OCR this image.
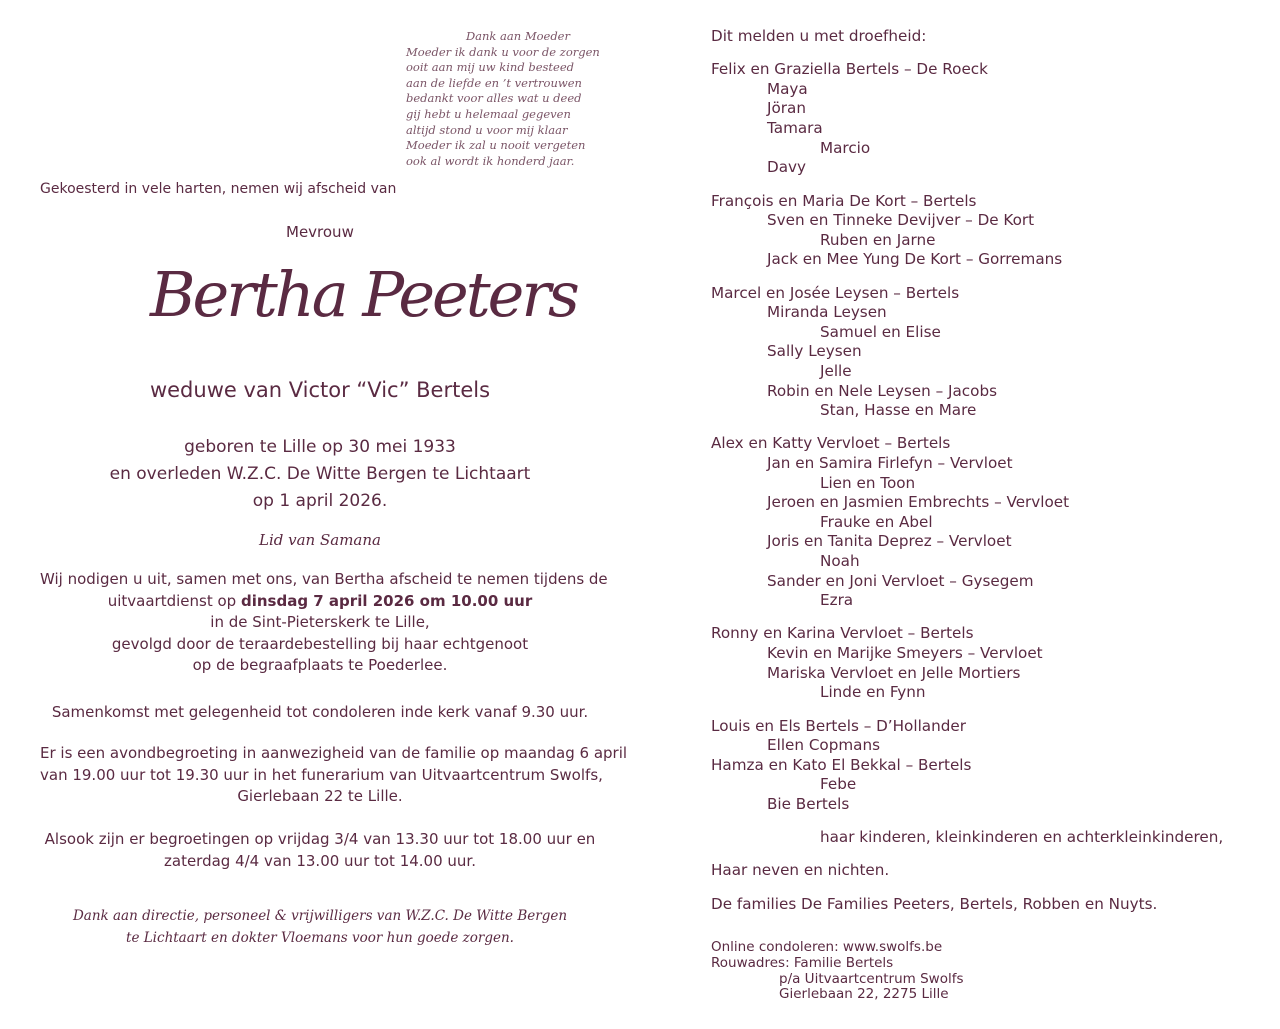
Dank aan Moeder
Moeder ik dank u voor de zorgen
ooit aan mij uw kind besteed
aan de liefde en ’t vertrouwen
bedankt voor alles wat u deed
gij hebt u helemaal gegeven
altijd stond u voor mij klaar
Moeder ik zal u nooit vergeten
ook al wordt ik honderd jaar.
Gekoesterd in vele harten, nemen wij afscheid van
Mevrouw
Bertha Peeters
weduwe van Victor “Vic” Bertels
geboren te Lille op 30 mei 1933
en overleden W.Z.C. De Witte Bergen te Lichtaart
op 1 april 2026.
Lid van Samana
Wij nodigen u uit, samen met ons, van Bertha afscheid te nemen tijdens de
uitvaartdienst op dinsdag 7 april 2026 om 10.00 uur
in de Sint-Pieterskerk te Lille,
gevolgd door de teraardebestelling bij haar echtgenoot
op de begraafplaats te Poederlee.
Samenkomst met gelegenheid tot condoleren inde kerk vanaf 9.30 uur.
Er is een avondbegroeting in aanwezigheid van de familie op maandag 6 april
van 19.00 uur tot 19.30 uur in het funerarium van Uitvaartcentrum Swolfs,
Gierlebaan 22 te Lille.
Alsook zijn er begroetingen op vrijdag 3/4 van 13.30 uur tot 18.00 uur en
zaterdag 4/4 van 13.00 uur tot 14.00 uur.
Dank aan directie, personeel & vrijwilligers van W.Z.C. De Witte Bergen
te Lichtaart en dokter Vloemans voor hun goede zorgen.
Dit melden u met droefheid:
Felix en Graziella Bertels – De Roeck
Maya
Jöran
Tamara
Marcio
Davy
François en Maria De Kort – Bertels
Sven en Tinneke Devijver – De Kort
Ruben en Jarne
Jack en Mee Yung De Kort – Gorremans
Marcel en Josée Leysen – Bertels
Miranda Leysen
Samuel en Elise
Sally Leysen
Jelle
Robin en Nele Leysen – Jacobs
Stan, Hasse en Mare
Alex en Katty Vervloet – Bertels
Jan en Samira Firlefyn – Vervloet
Lien en Toon
Jeroen en Jasmien Embrechts – Vervloet
Frauke en Abel
Joris en Tanita Deprez – Vervloet
Noah
Sander en Joni Vervloet – Gysegem
Ezra
Ronny en Karina Vervloet – Bertels
Kevin en Marijke Smeyers – Vervloet
Mariska Vervloet en Jelle Mortiers
Linde en Fynn
Louis en Els Bertels – D’Hollander
Ellen Copmans
Hamza en Kato El Bekkal – Bertels
Febe
Bie Bertels
haar kinderen, kleinkinderen en achterkleinkinderen,
Haar neven en nichten.
De families De Families Peeters, Bertels, Robben en Nuyts.
Online condoleren: www.swolfs.be
Rouwadres: Familie Bertels
p/a Uitvaartcentrum Swolfs
Gierlebaan 22, 2275 Lille
